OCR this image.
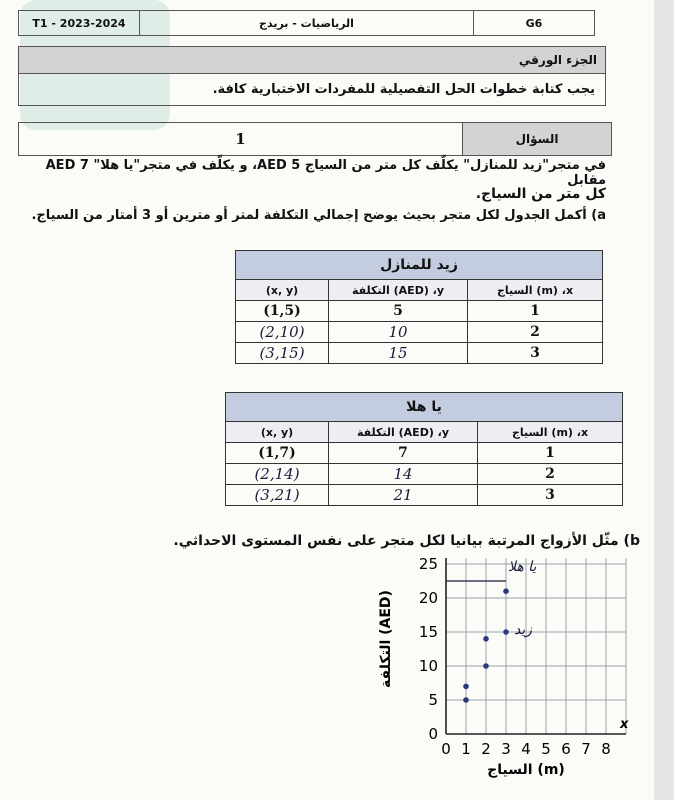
T1 - 2023-2024	الرياضيات - بريدج	G6
الجزء الورقي
يجب كتابة خطوات الحل التفصيلية للمفردات الاختبارية كافة.
1	السؤال
في متجر"زيد للمنازل" يكلّف كل متر من السياج AED 5، و يكلّف في متجر"يا هلا" AED 7 مقابل
كل متر من السياج.
a) أكمل الجدول لكل متجر بحيث يوضح إجمالي التكلفة لمتر أو مترين أو 3 أمتار من السياج.
زيد للمنازل		
(x, y)	التكلفة (AED) ،y	السياج (m) ،x
(1,5)	5	1
(2,10)	10	2
(3,15)	15	3
يا هلا		
(x, y)	التكلفة (AED) ،y	السياج (m) ،x
(1,7)	7	1
(2,14)	14	2
(3,21)	21	3
b) مثّل الأزواج المرتبة بيانيا لكل متجر على نفس المستوى الاحداثي.
0 1 2 3 4 5 6 7 8
0
5
10
15
20
25
x
يا هلا
زيد
السياج (m)
التكلفة (AED)
